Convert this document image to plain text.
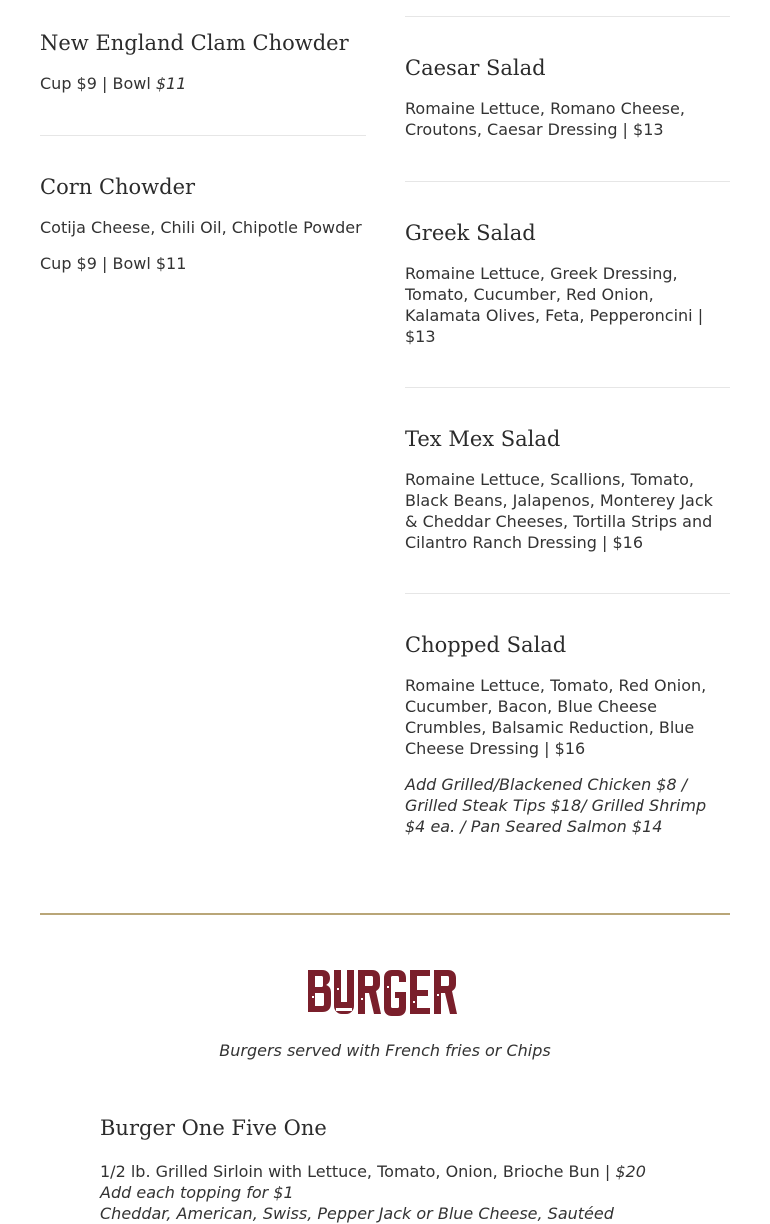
New England Clam Chowder

Cup $9 | Bowl $11

Corn Chowder

Cotija Cheese, Chili Oil, Chipotle Powder

Cup $9 | Bowl $11

Caesar Salad

Romaine Lettuce, Romano Cheese, Croutons, Caesar Dressing | $13

Greek Salad

Romaine Lettuce, Greek Dressing, Tomato, Cucumber, Red Onion, Kalamata Olives, Feta, Pepperoncini | $13

Tex Mex Salad

Romaine Lettuce, Scallions, Tomato, Black Beans, Jalapenos, Monterey Jack & Cheddar Cheeses, Tortilla Strips and Cilantro Ranch Dressing | $16

Chopped Salad

Romaine Lettuce, Tomato, Red Onion, Cucumber, Bacon, Blue Cheese Crumbles, Balsamic Reduction, Blue Cheese Dressing | $16

Add Grilled/Blackened Chicken $8 / Grilled Steak Tips $18/ Grilled Shrimp $4 ea. / Pan Seared Salmon $14

BURGERS
Burgers served with French fries or Chips
Burger One Five One

1/2 lb. Grilled Sirloin with Lettuce, Tomato, Onion, Brioche Bun | $20

Add each topping for $1

Cheddar, American, Swiss, Pepper Jack or Blue Cheese, Sautéed
